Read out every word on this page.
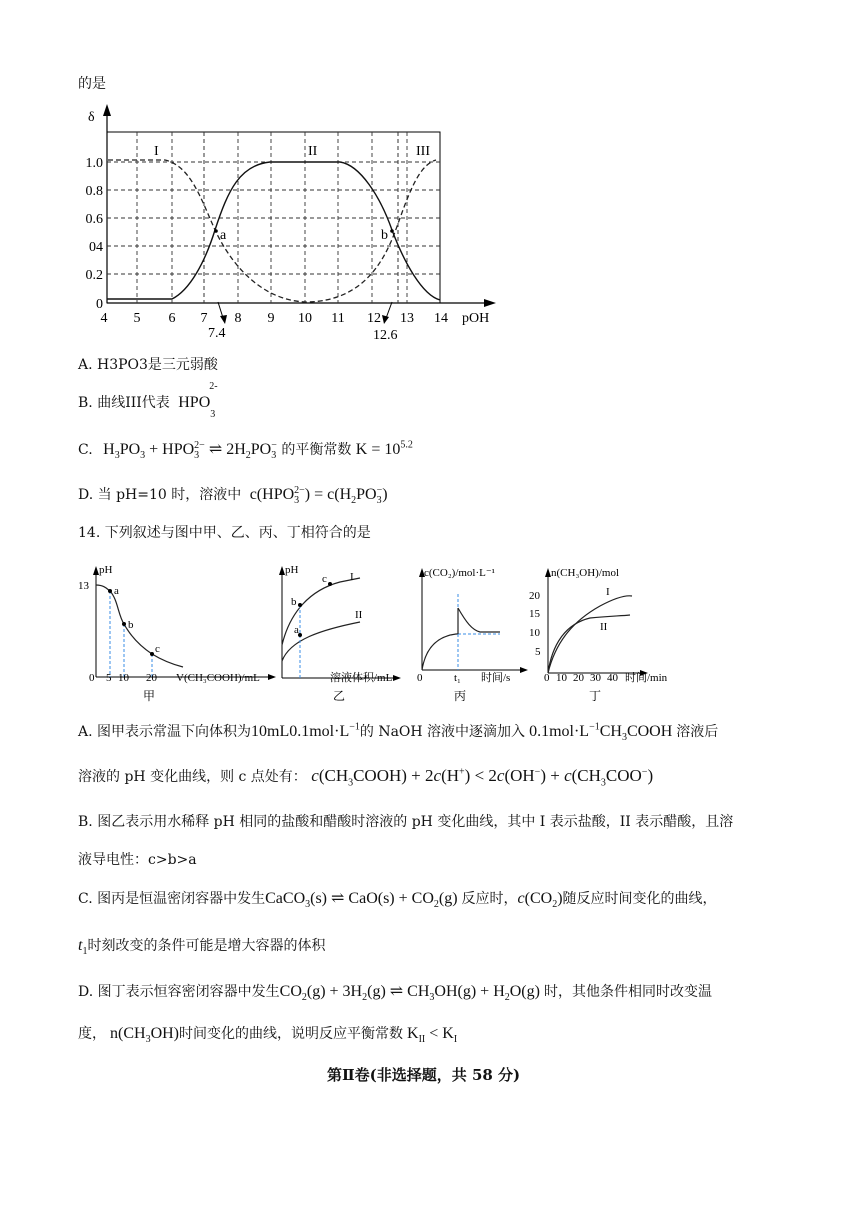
的是
δ
I	II	III
1.0
0.8
0.6
04
0.2
0
4 5 6 7 8 9 10 11 12 13 14 pOH
a	b
7.4	12.6
A. H3PO3是三元弱酸
B. 曲线III代表 $HPO_3^{2-}$
C. $H_3PO_3 + HPO_3^{2-}$ ⇌ $2H_2PO_3^-$ 的平衡常数 $K = 10^{5.2}$
D. 当 pH=10 时，溶液中 $c(HPO_3^{2-}) = c(H_2PO_3^-)$
14. 下列叙述与图中甲、乙、丙、丁相符合的是
pH
13 a
b
c
0 5 10 20 V(CH₃COOH)/mL
甲
pH
b
a
c I
II
溶液体积/mL
乙
c(CO₂)/mol·L⁻¹
0	t₁ 时间/s
丙
n(CH₃OH)/mol
20
15
10
5
I
II
0 10 20 30 40 时间/min
丁
A. 图甲表示常温下向体积为$10mL0.1mol\cdot L^{-1}$的 NaOH 溶液中逐滴加入 $0.1mol\cdot L^{-1}CH_3COOH$ 溶液后
溶液的 pH 变化曲线，则 c 点处有： $c(CH_3COOH) + 2c(H^+) < 2c(OH^-) + c(CH_3COO^-)$
B. 图乙表示用水稀释 pH 相同的盐酸和醋酸时溶液的 pH 变化曲线，其中 I 表示盐酸，II 表示醋酸，且溶
液导电性：c>b>a
C. 图丙是恒温密闭容器中发生CaCO$_3$(s) ⇌ $CaO(s) + CO_2(g)$ 反应时，$c(CO_2)$随反应时间变化的曲线，
$t_1$时刻改变的条件可能是增大容器的体积
D. 图丁表示恒容密闭容器中发生$CO_2(g) + 3H_2(g)$ ⇌ $CH_3OH(g) + H_2O(g)$ 时，其他条件相同时改变温
度， $n(CH_3OH)$时间变化的曲线，说明反应平衡常数 $K_{II} < K_I$
第Ⅱ卷(非选择题，共 58 分)
